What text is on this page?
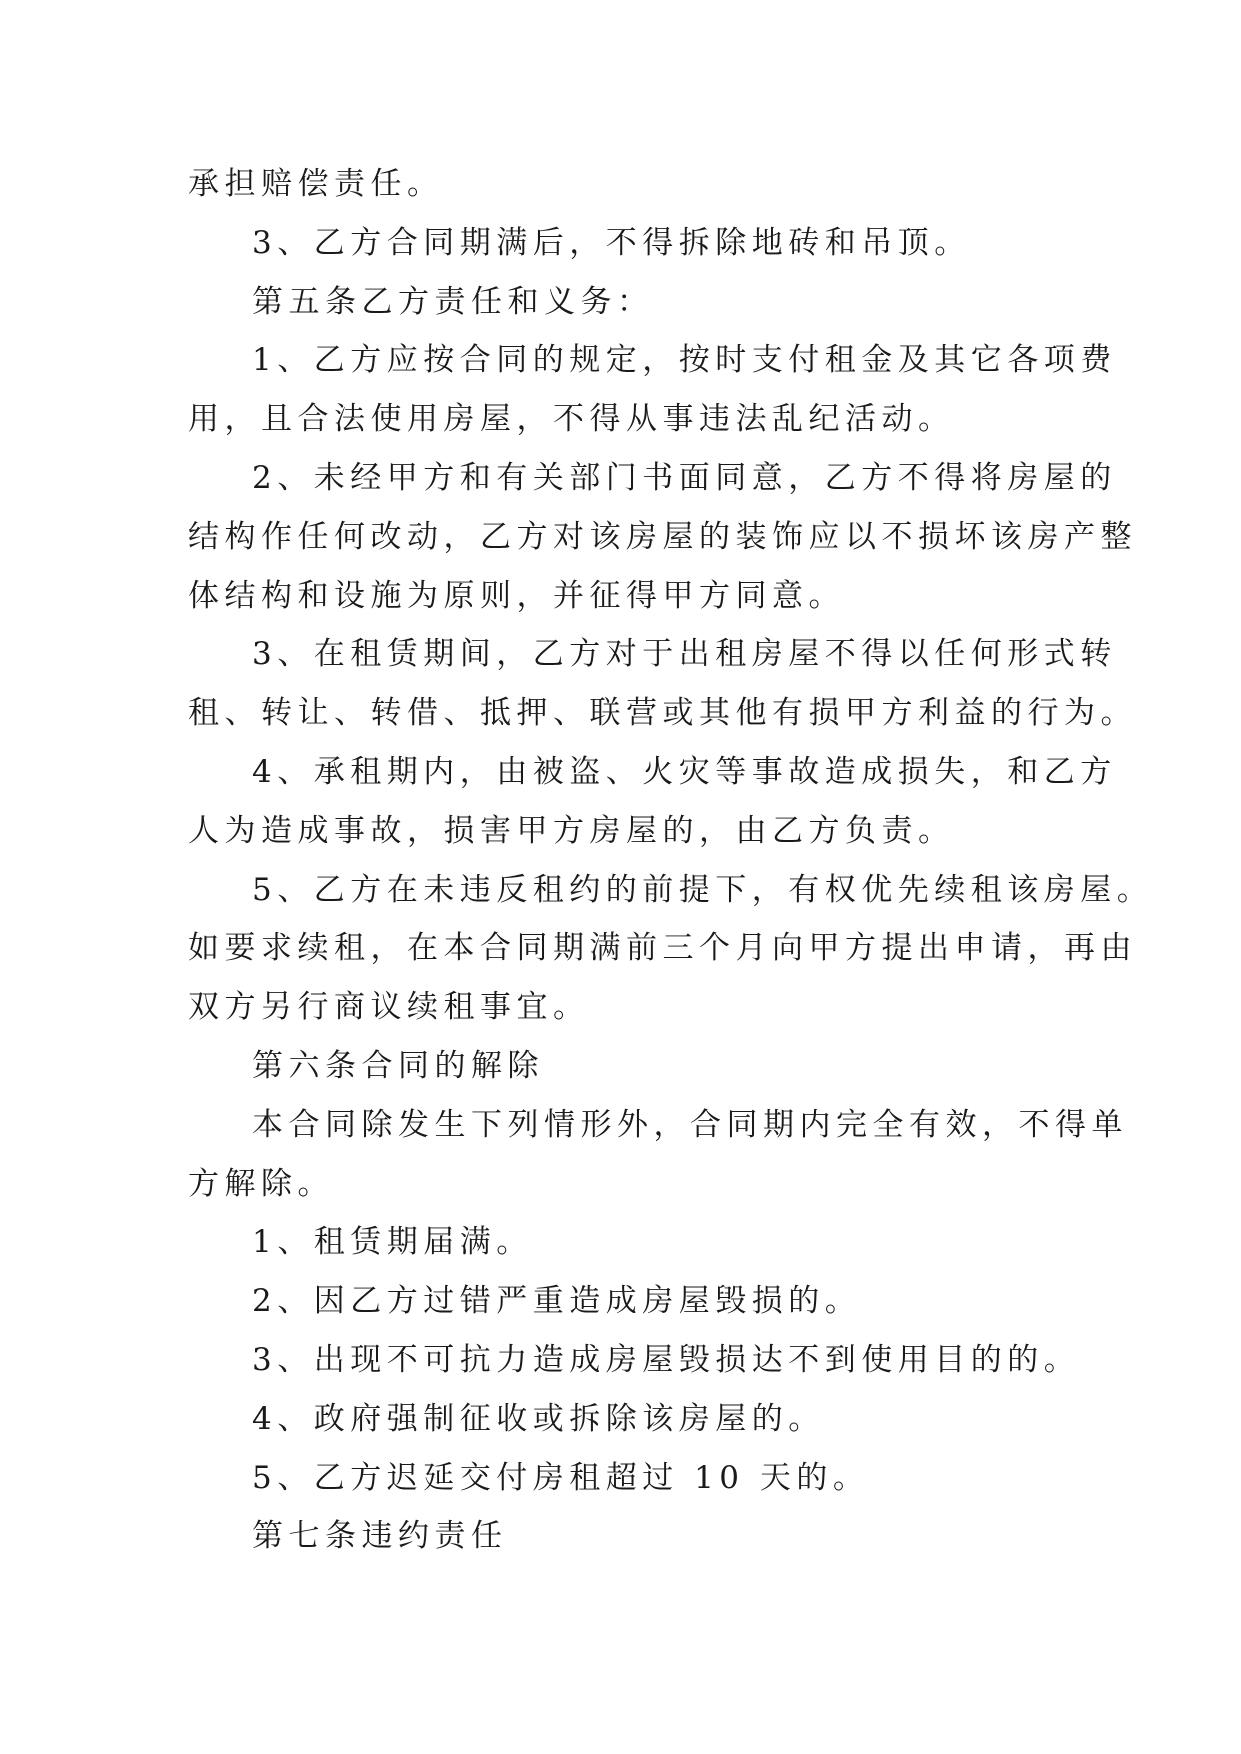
承担赔偿责任。
3、乙方合同期满后，不得拆除地砖和吊顶。
第五条乙方责任和义务：
1、乙方应按合同的规定，按时支付租金及其它各项费
用，且合法使用房屋，不得从事违法乱纪活动。
2、未经甲方和有关部门书面同意，乙方不得将房屋的
结构作任何改动，乙方对该房屋的装饰应以不损坏该房产整
体结构和设施为原则，并征得甲方同意。
3、在租赁期间，乙方对于出租房屋不得以任何形式转
租、转让、转借、抵押、联营或其他有损甲方利益的行为。
4、承租期内，由被盗、火灾等事故造成损失，和乙方
人为造成事故，损害甲方房屋的，由乙方负责。
5、乙方在未违反租约的前提下，有权优先续租该房屋。
如要求续租，在本合同期满前三个月向甲方提出申请，再由
双方另行商议续租事宜。
第六条合同的解除
本合同除发生下列情形外，合同期内完全有效，不得单
方解除。
1、租赁期届满。
2、因乙方过错严重造成房屋毁损的。
3、出现不可抗力造成房屋毁损达不到使用目的的。
4、政府强制征收或拆除该房屋的。
5、乙方迟延交付房租超过 10 天的。
第七条违约责任
